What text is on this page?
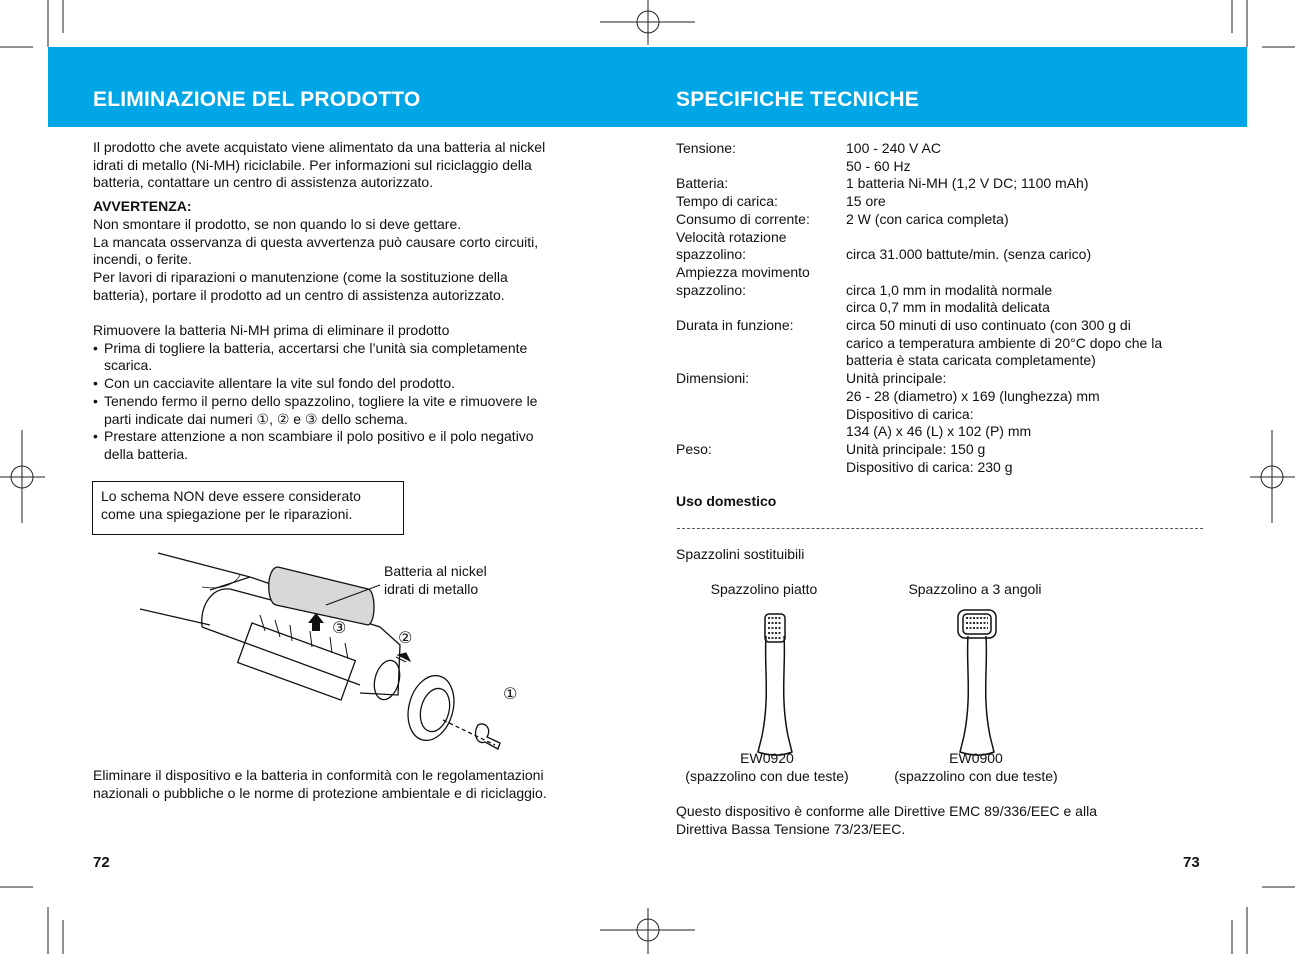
ELIMINAZIONE DEL PRODOTTO	SPECIFICHE TECNICHE

Il prodotto che avete acquistato viene alimentato da una batteria al nickel

idrati di metallo (Ni-MH) riciclabile. Per informazioni sul riciclaggio della

batteria, contattare un centro di assistenza autorizzato.

AVVERTENZA:

Non smontare il prodotto, se non quando lo si deve gettare.

La mancata osservanza di questa avvertenza può causare corto circuiti,

incendi, o ferite.

Per lavori di riparazioni o manutenzione (come la sostituzione della

batteria), portare il prodotto ad un centro di assistenza autorizzato.

Rimuovere la batteria Ni-MH prima di eliminare il prodotto

• Prima di togliere la batteria, accertarsi che l’unità sia completamente
scarica.
• Con un cacciavite allentare la vite sul fondo del prodotto.
• Tenendo fermo il perno dello spazzolino, togliere la vite e rimuovere le
parti indicate dai numeri ①, ② e ③ dello schema.
• Prestare attenzione a non scambiare il polo positivo e il polo negativo
della batteria.
Lo schema NON deve essere considerato
come una spiegazione per le riparazioni.
Batteria al nickel
idrati di metallo
③
②
①
Eliminare il dispositivo e la batteria in conformità con le regolamentazioni
nazionali o pubbliche o le norme di protezione ambientale e di riciclaggio.
72
Tensione:	100 - 240 V AC
	50 - 60 Hz
Batteria:	1 batteria Ni-MH (1,2 V DC; 1100 mAh)
Tempo di carica:	15 ore
Consumo di corrente:	2 W (con carica completa)
Velocità rotazione	
spazzolino:	circa 31.000 battute/min. (senza carico)
Ampiezza movimento	
spazzolino:	circa 1,0 mm in modalità normale
	circa 0,7 mm in modalità delicata
Durata in funzione:	circa 50 minuti di uso continuato (con 300 g di
	carico a temperatura ambiente di 20°C dopo che la
	batteria è stata caricata completamente)
Dimensioni:	Unità principale:
	26 - 28 (diametro) x 169 (lunghezza) mm
	Dispositivo di carica:
	134 (A) x 46 (L) x 102 (P) mm
Peso:	Unità principale: 150 g
	Dispositivo di carica: 230 g
Uso domestico
Spazzolini sostituibili
Spazzolino piatto	Spazzolino a 3 angoli
EW0920
(spazzolino con due teste)
EW0900
(spazzolino con due teste)
Questo dispositivo è conforme alle Direttive EMC 89/336/EEC e alla
Direttiva Bassa Tensione 73/23/EEC.
73
